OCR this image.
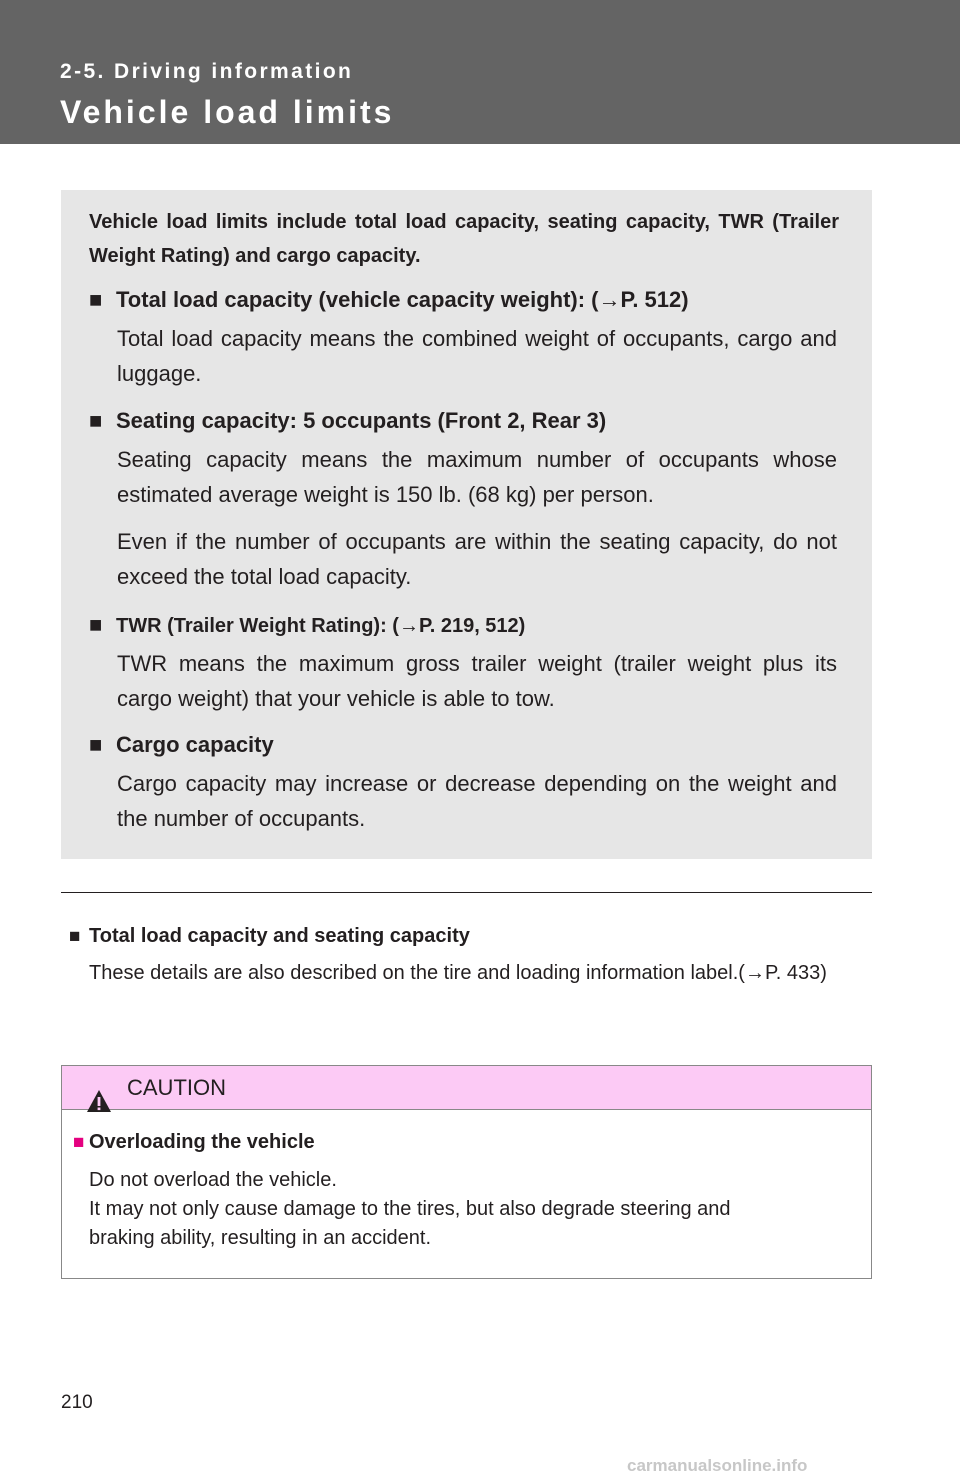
2-5. Driving information
Vehicle load limits
Vehicle load limits include total load capacity, seating capacity, TWR (Trailer Weight Rating) and cargo capacity.
■ Total load capacity (vehicle capacity weight): (→P. 512)
Total load capacity means the combined weight of occupants, cargo and luggage.
■ Seating capacity: 5 occupants (Front 2, Rear 3)
Seating capacity means the maximum number of occupants whose estimated average weight is 150 lb. (68 kg) per person.
Even if the number of occupants are within the seating capacity, do not exceed the total load capacity.
■ TWR (Trailer Weight Rating): (→P. 219, 512)
TWR means the maximum gross trailer weight (trailer weight plus its cargo weight) that your vehicle is able to tow.
■ Cargo capacity
Cargo capacity may increase or decrease depending on the weight and the number of occupants.
■ Total load capacity and seating capacity
These details are also described on the tire and loading information label.(→P. 433)
CAUTION
■ Overloading the vehicle
Do not overload the vehicle.
It may not only cause damage to the tires, but also degrade steering and
braking ability, resulting in an accident.
210
carmanualsonline.info
